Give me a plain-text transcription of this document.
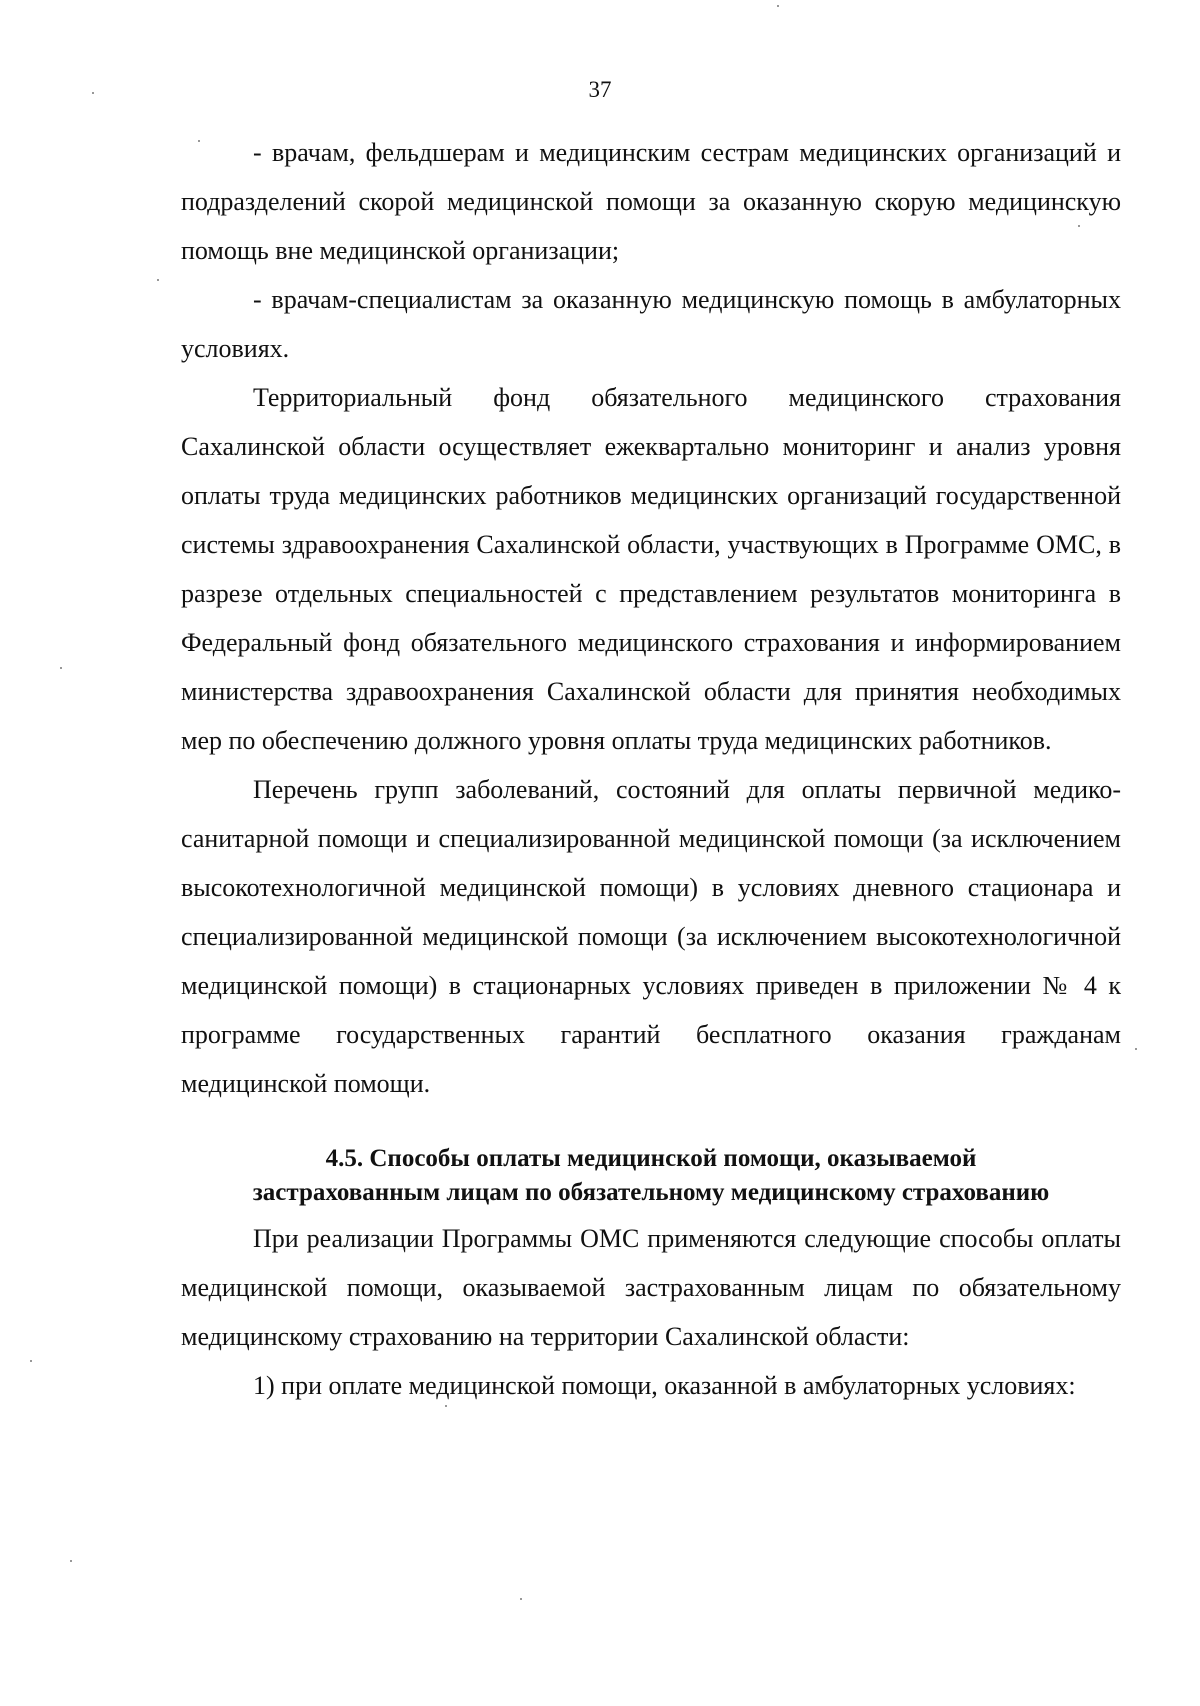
37

- врачам, фельдшерам и медицинским сестрам медицинских организаций и подразделений скорой медицинской помощи за оказанную скорую медицинскую помощь вне медицинской организации;

- врачам-специалистам за оказанную медицинскую помощь в амбулаторных условиях.

Территориальный фонд обязательного медицинского страхования Сахалинской области осуществляет ежеквартально мониторинг и анализ уровня оплаты труда медицинских работников медицинских организаций государственной системы здравоохранения Сахалинской области, участвующих в Программе ОМС, в разрезе отдельных специальностей с представлением результатов мониторинга в Федеральный фонд обязательного медицинского страхования и информированием министерства здравоохранения Сахалинской области для принятия необходимых мер по обеспечению должного уровня оплаты труда медицинских работников.

Перечень групп заболеваний, состояний для оплаты первичной медико-санитарной помощи и специализированной медицинской помощи (за исключением высокотехнологичной медицинской помощи) в условиях дневного стационара и специализированной медицинской помощи (за исключением высокотехнологичной медицинской помощи) в стационарных условиях приведен в приложении № 4 к программе государственных гарантий бесплатного оказания гражданам медицинской помощи.

4.5. Способы оплаты медицинской помощи, оказываемой
застрахованным лицам по обязательному медицинскому страхованию

При реализации Программы ОМС применяются следующие способы оплаты медицинской помощи, оказываемой застрахованным лицам по обязательному медицинскому страхованию на территории Сахалинской области:

1) при оплате медицинской помощи, оказанной в амбулаторных условиях:
